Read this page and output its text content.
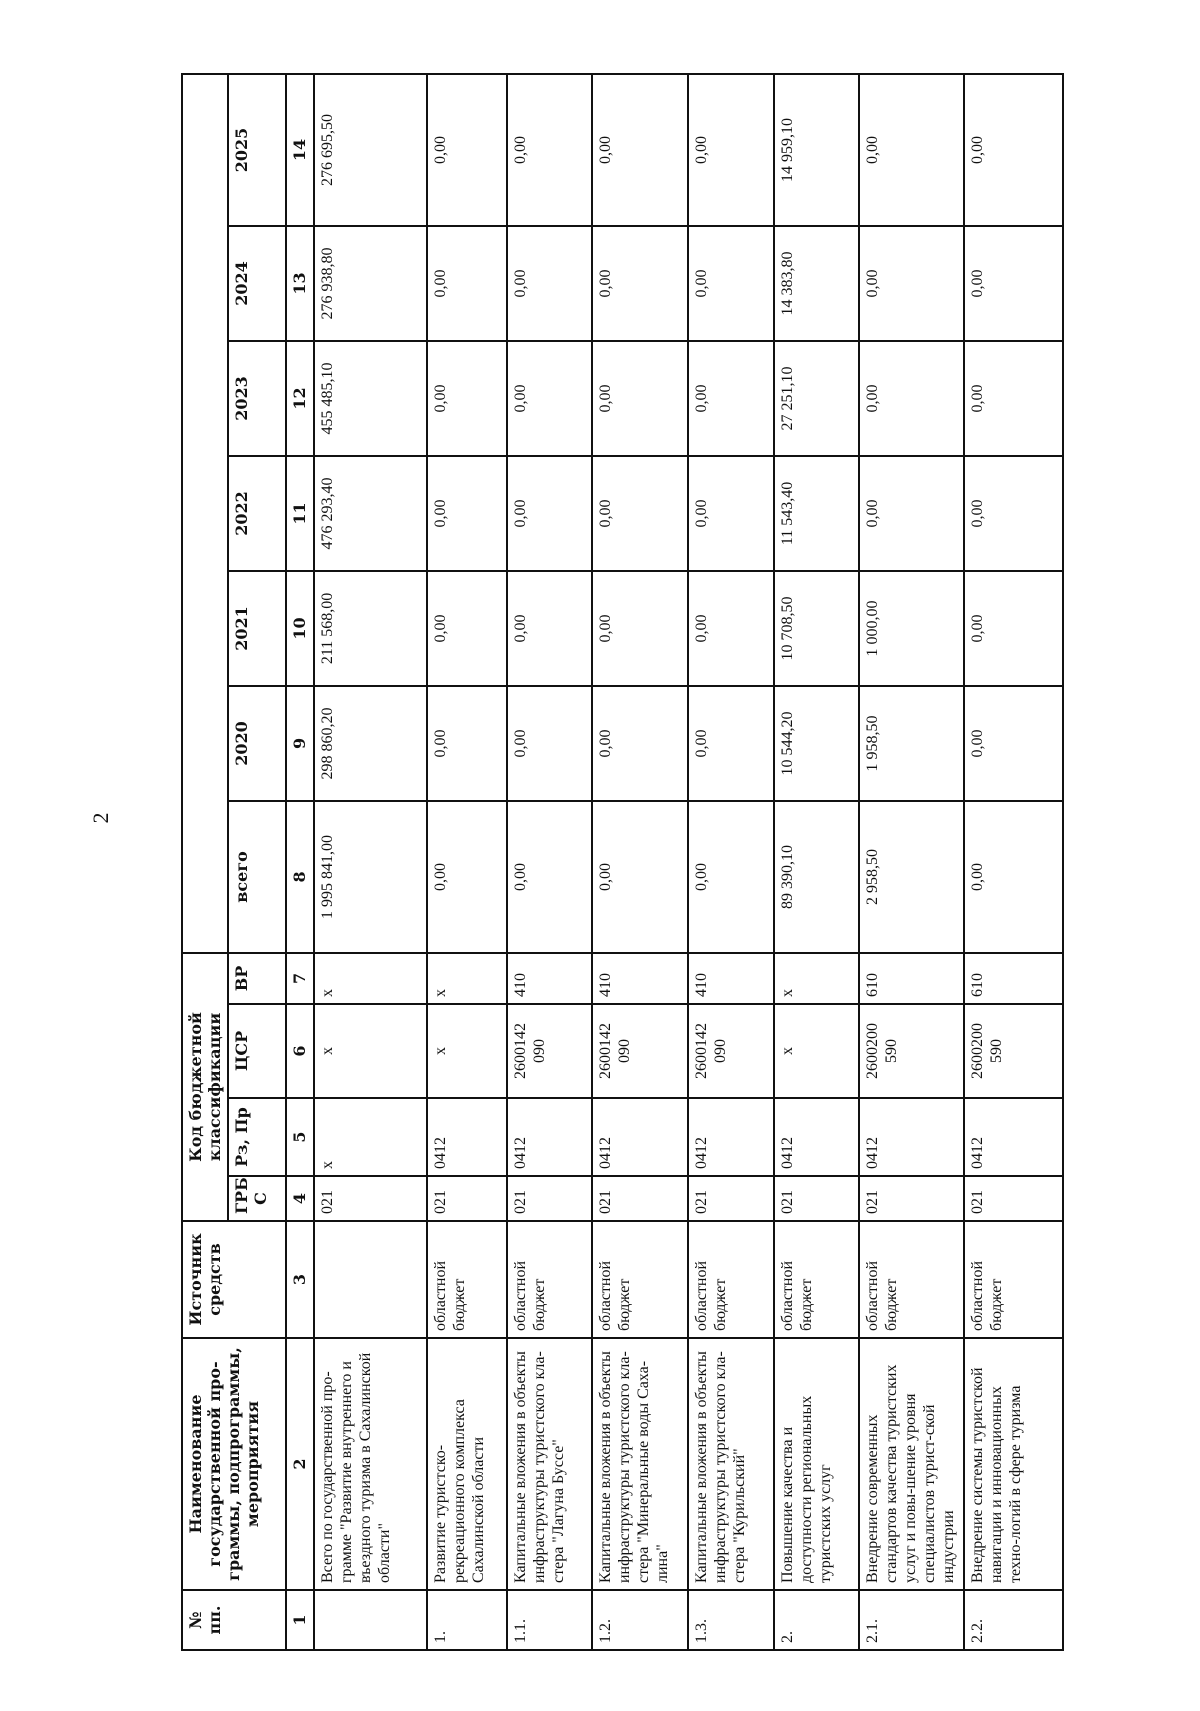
2
№ пп.	Наименование государственной про-граммы, подпрограммы, мероприятия	Источник средств	Код бюджетной классификации										
			ГРБ С	Рз, Пр	ЦСР	ВР	всего	2020	2021	2022	2023	2024	2025
1	2	3	4	5	6	7	8	9	10	11	12	13	14
	Всего по государственной про-грамме "Развитие внутреннего и въездного туризма в Сахалинской области"		021	x	x	x	1 995 841,00	298 860,20	211 568,00	476 293,40	455 485,10	276 938,80	276 695,50
1.	Развитие туристско-рекреационного комплекса Сахалинской области	областной бюджет	021	0412	x	x	0,00	0,00	0,00	0,00	0,00	0,00	0,00
1.1.	Капитальные вложения в объекты инфраструктуры туристского кла-стера "Лагуна Буссе"	областной бюджет	021	0412	2600142 090	410	0,00	0,00	0,00	0,00	0,00	0,00	0,00
1.2.	Капитальные вложения в объекты инфраструктуры туристского кла-стера "Минеральные воды Саха-лина"	областной бюджет	021	0412	2600142 090	410	0,00	0,00	0,00	0,00	0,00	0,00	0,00
1.3.	Капитальные вложения в объекты инфраструктуры туристского кла-стера "Курильский"	областной бюджет	021	0412	2600142 090	410	0,00	0,00	0,00	0,00	0,00	0,00	0,00
2.	Повышение качества и доступности региональных туристских услуг	областной бюджет	021	0412	x	x	89 390,10	10 544,20	10 708,50	11 543,40	27 251,10	14 383,80	14 959,10
2.1.	Внедрение современных стандартов качества туристских услуг и повы-шение уровня специалистов турист-ской индустрии	областной бюджет	021	0412	2600200 590	610	2 958,50	1 958,50	1 000,00	0,00	0,00	0,00	0,00
2.2.	Внедрение системы туристской навигации и инновационных техно-логий в сфере туризма	областной бюджет	021	0412	2600200 590	610	0,00	0,00	0,00	0,00	0,00	0,00	0,00
